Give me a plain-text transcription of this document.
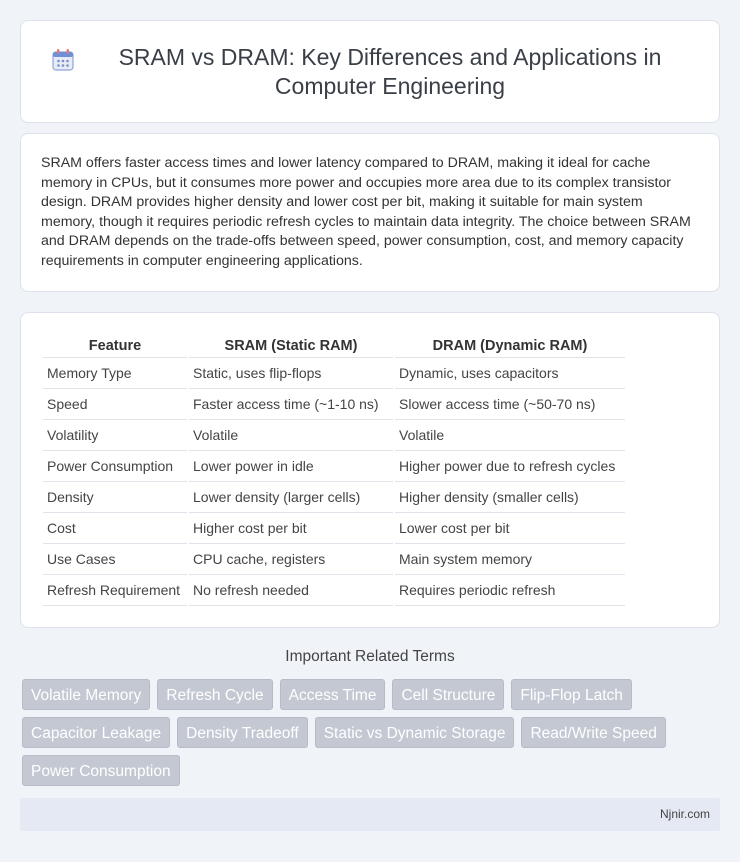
SRAM vs DRAM: Key Differences and Applications in Computer Engineering

SRAM offers faster access times and lower latency compared to DRAM, making it ideal for cache memory in CPUs, but it consumes more power and occupies more area due to its complex transistor design. DRAM provides higher density and lower cost per bit, making it suitable for main system memory, though it requires periodic refresh cycles to maintain data integrity. The choice between SRAM and DRAM depends on the trade-offs between speed, power consumption, cost, and memory capacity requirements in computer engineering applications.

Feature	SRAM (Static RAM)	DRAM (Dynamic RAM)
Memory Type	Static, uses flip-flops	Dynamic, uses capacitors
Speed	Faster access time (~1-10 ns)	Slower access time (~50-70 ns)
Volatility	Volatile	Volatile
Power Consumption	Lower power in idle	Higher power due to refresh cycles
Density	Lower density (larger cells)	Higher density (smaller cells)
Cost	Higher cost per bit	Lower cost per bit
Use Cases	CPU cache, registers	Main system memory
Refresh Requirement	No refresh needed	Requires periodic refresh
Important Related Terms
Volatile Memory	Refresh Cycle	Access Time	Cell Structure	Flip-Flop Latch
Capacitor Leakage	Density Tradeoff	Static vs Dynamic Storage	Read/Write Speed
Power Consumption
Njnir.com
